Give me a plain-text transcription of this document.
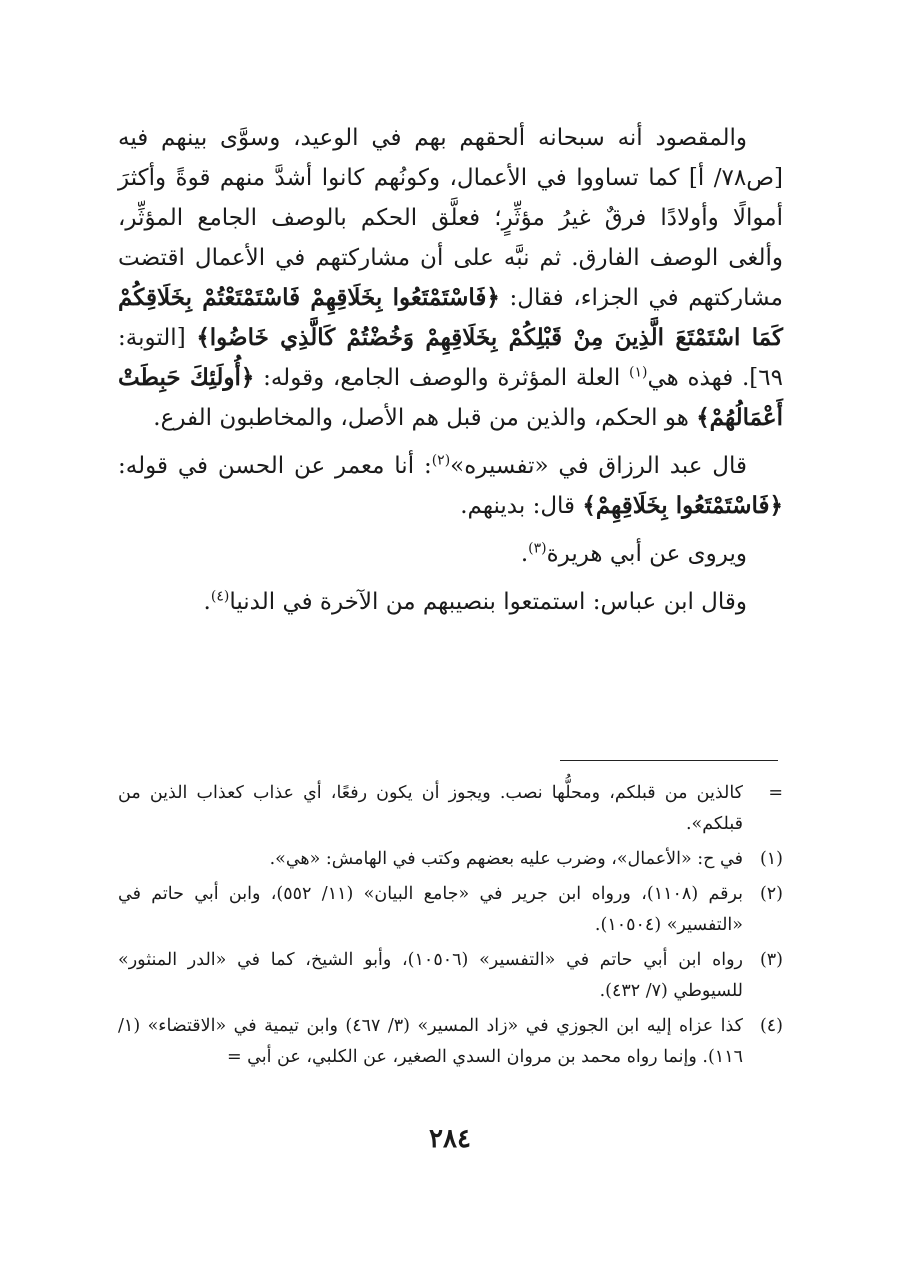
والمقصود أنه سبحانه ألحقهم بهم في الوعيد، وسوَّى بينهم فيه [ص٧٨/ أ] كما تساووا في الأعمال، وكونُهم كانوا أشدَّ منهم قوةً وأكثرَ أموالًا وأولادًا فرقٌ غيرُ مؤثِّرٍ؛ فعلَّق الحكم بالوصف الجامع المؤثِّر، وألغى الوصف الفارق. ثم نبَّه على أن مشاركتهم في الأعمال اقتضت مشاركتهم في الجزاء، فقال: ﴿فَاسْتَمْتَعُوا بِخَلَاقِهِمْ فَاسْتَمْتَعْتُمْ بِخَلَاقِكُمْ كَمَا اسْتَمْتَعَ الَّذِينَ مِنْ قَبْلِكُمْ بِخَلَاقِهِمْ وَخُضْتُمْ كَالَّذِي خَاضُوا﴾ [التوبة: ٦٩]. فهذه هي$^{(١)}$ العلة المؤثرة والوصف الجامع، وقوله: ﴿أُولَئِكَ حَبِطَتْ أَعْمَالُهُمْ﴾ هو الحكم، والذين من قبل هم الأصل، والمخاطبون الفرع.

قال عبد الرزاق في «تفسيره»$^{(٢)}$: أنا معمر عن الحسن في قوله: ﴿فَاسْتَمْتَعُوا بِخَلَاقِهِمْ﴾ قال: بدينهم.

ويروى عن أبي هريرة$^{(٣)}$.

وقال ابن عباس: استمتعوا بنصيبهم من الآخرة في الدنيا$^{(٤)}$.

=
كالذين من قبلكم، ومحلُّها نصب. ويجوز أن يكون رفعًا، أي عذاب كعذاب الذين من قبلكم».
(١)
في ح: «الأعمال»، وضرب عليه بعضهم وكتب في الهامش: «هي».
(٢)
برقم (١١٠٨)، ورواه ابن جرير في «جامع البيان» (١١/ ٥٥٢)، وابن أبي حاتم في «التفسير» (١٠٥٠٤).
(٣)
رواه ابن أبي حاتم في «التفسير» (١٠٥٠٦)، وأبو الشيخ، كما في «الدر المنثور» للسيوطي (٧/ ٤٣٢).
(٤)
كذا عزاه إليه ابن الجوزي في «زاد المسير» (٣/ ٤٦٧) وابن تيمية في «الاقتضاء» (١/ ١١٦). وإنما رواه محمد بن مروان السدي الصغير، عن الكلبي، عن أبي =
٢٨٤
